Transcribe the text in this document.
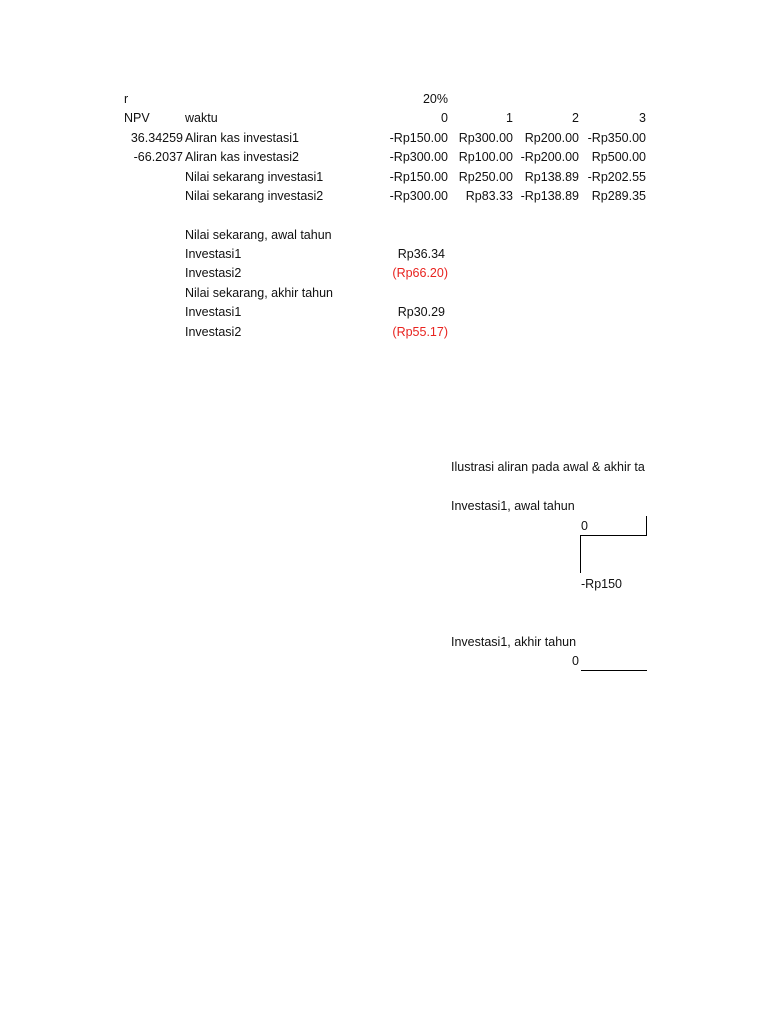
r	20%
NPV	waktu	0	1	2	3
36.34259 Aliran kas investasi1	-Rp150.00 Rp300.00 Rp200.00 -Rp350.00
-66.2037 Aliran kas investasi2	-Rp300.00 Rp100.00 -Rp200.00	Rp500.00
Nilai sekarang investasi1	-Rp150.00 Rp250.00 Rp138.89 -Rp202.55
Nilai sekarang investasi2	-Rp300.00	Rp83.33 -Rp138.89	Rp289.35
Nilai sekarang, awal tahun
Investasi1	Rp36.34
Investasi2	(Rp66.20)
Nilai sekarang, akhir tahun
Investasi1	Rp30.29
Investasi2	(Rp55.17)
Ilustrasi aliran pada awal & akhir ta
Investasi1, awal tahun
0
-Rp150
Investasi1, akhir tahun
0
